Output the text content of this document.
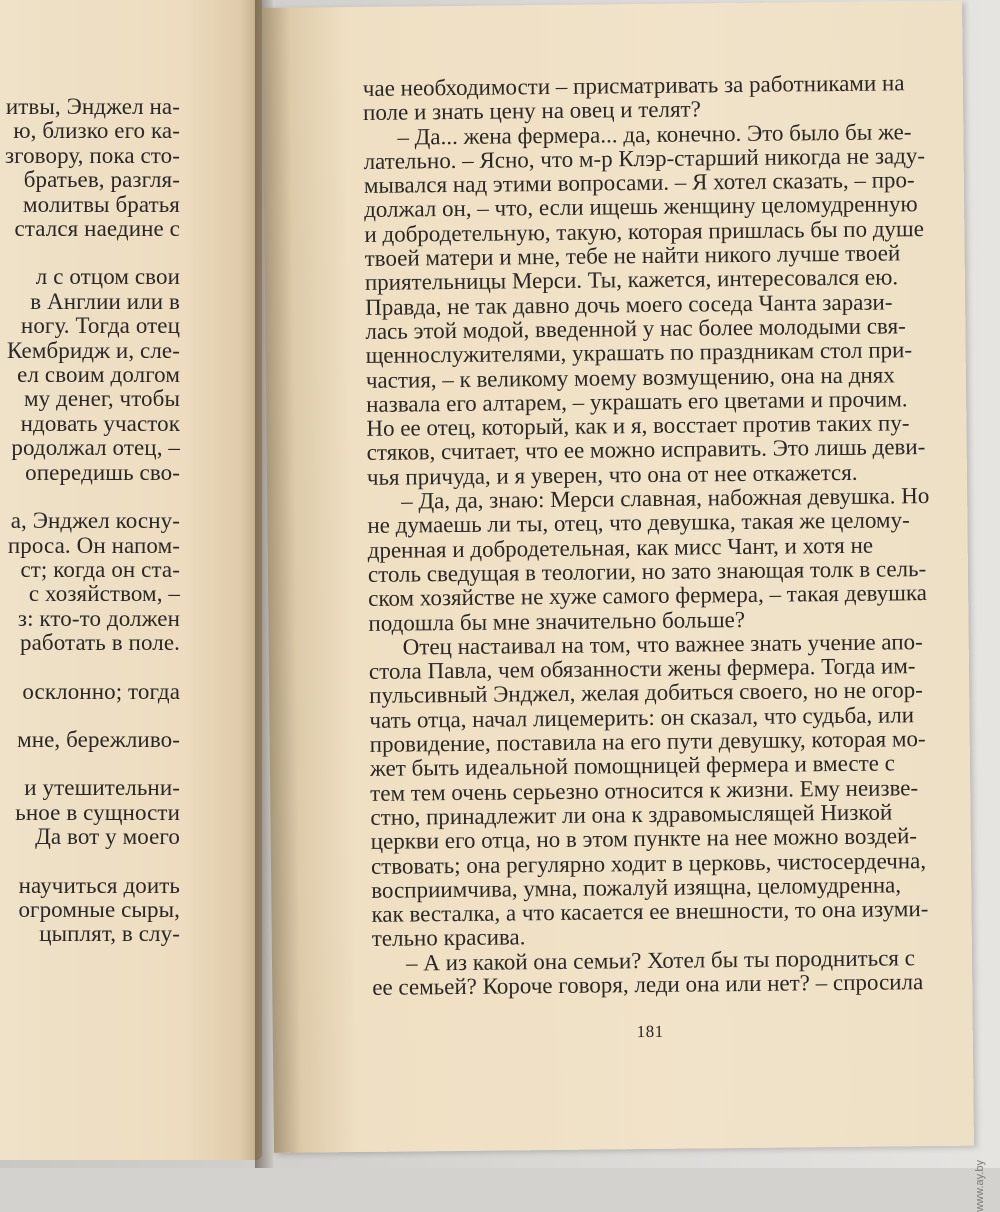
итвы, Энджел на-
ю, близко его ка-
зговору, пока сто-
братьев, разгля-
молитвы братья
стался наедине с
л с отцом свои
в Англии или в
ногу. Тогда отец
Кембридж и, сле-
ел своим долгом
му денег, чтобы
ндовать участок
родолжал отец, –
опередишь сво-
а, Энджел косну-
проса. Он напом-
ст; когда он ста-
с хозяйством, –
з: кто-то должен
работать в поле.
осклонно; тогда
мне, бережливо-
и утешительни-
ьное в сущности
Да вот у моего
научиться доить
огромные сыры,
цыплят, в слу-
чае необходимости – присматривать за работниками на
поле и знать цену на овец и телят?
– Да... жена фермера... да, конечно. Это было бы же-
лательно. – Ясно, что м-р Клэр-старший никогда не заду-
мывался над этими вопросами. – Я хотел сказать, – про-
должал он, – что, если ищешь женщину целомудренную
и добродетельную, такую, которая пришлась бы по душе
твоей матери и мне, тебе не найти никого лучше твоей
приятельницы Мерси. Ты, кажется, интересовался ею.
Правда, не так давно дочь моего соседа Чанта зарази-
лась этой модой, введенной у нас более молодыми свя-
щеннослужителями, украшать по праздникам стол при-
частия, – к великому моему возмущению, она на днях
назвала его алтарем, – украшать его цветами и прочим.
Но ее отец, который, как и я, восстает против таких пу-
стяков, считает, что ее можно исправить. Это лишь деви-
чья причуда, и я уверен, что она от нее откажется.
– Да, да, знаю: Мерси славная, набожная девушка. Но
не думаешь ли ты, отец, что девушка, такая же целому-
дренная и добродетельная, как мисс Чант, и хотя не
столь сведущая в теологии, но зато знающая толк в сель-
ском хозяйстве не хуже самого фермера, – такая девушка
подошла бы мне значительно больше?
Отец настаивал на том, что важнее знать учение апо-
стола Павла, чем обязанности жены фермера. Тогда им-
пульсивный Энджел, желая добиться своего, но не огор-
чать отца, начал лицемерить: он сказал, что судьба, или
провидение, поставила на его пути девушку, которая мо-
жет быть идеальной помощницей фермера и вместе с
тем тем очень серьезно относится к жизни. Ему неизве-
стно, принадлежит ли она к здравомыслящей Низкой
церкви его отца, но в этом пункте на нее можно воздей-
ствовать; она регулярно ходит в церковь, чистосердечна,
восприимчива, умна, пожалуй изящна, целомудренна,
как весталка, а что касается ее внешности, то она изуми-
тельно красива.
– А из какой она семьи? Хотел бы ты породниться с
ее семьей? Короче говоря, леди она или нет? – спросила
181
www.ay.by
